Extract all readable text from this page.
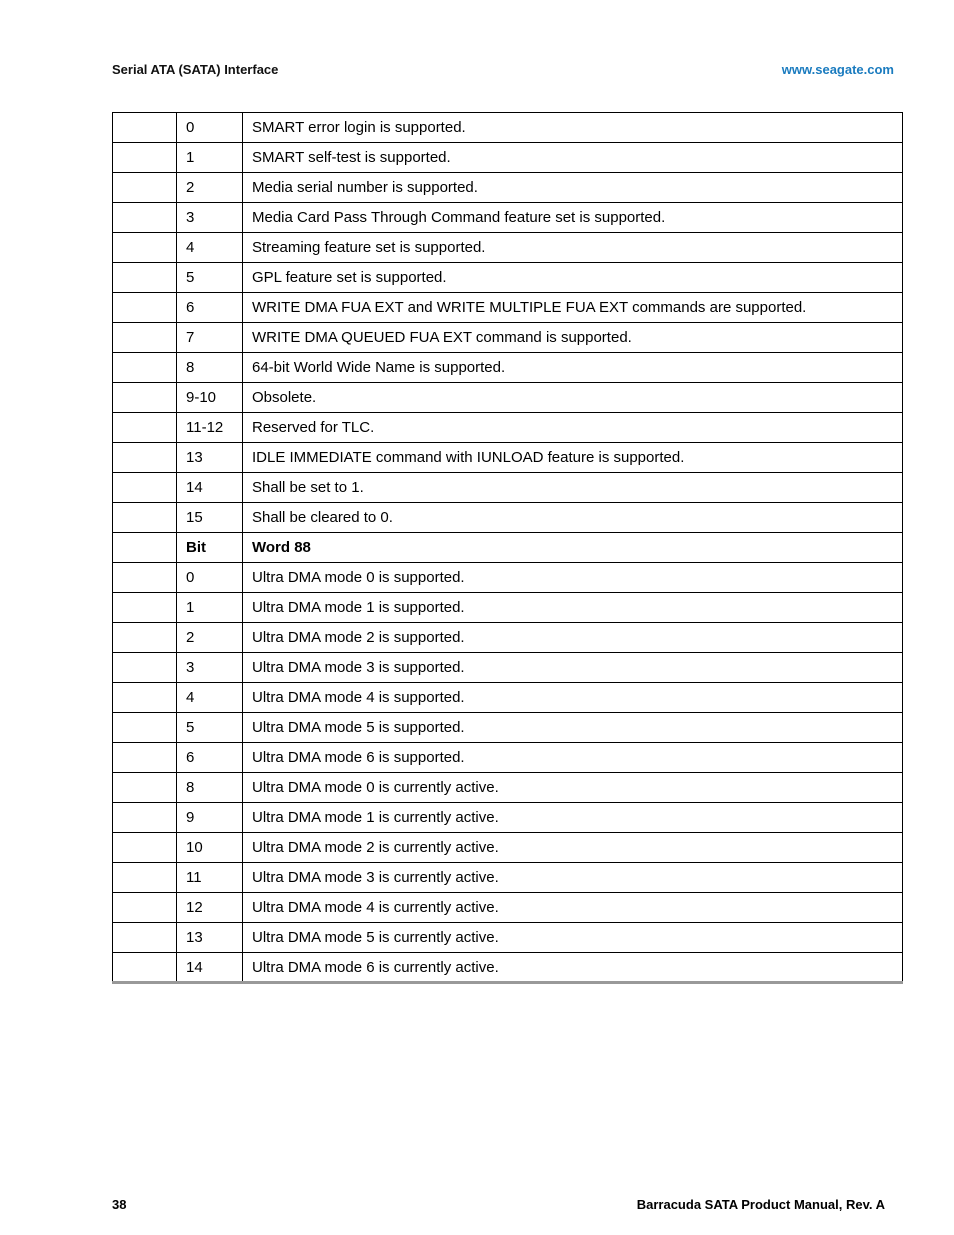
Serial ATA (SATA) Interface	www.seagate.com
	0	SMART error login is supported.
	1	SMART self-test is supported.
	2	Media serial number is supported.
	3	Media Card Pass Through Command feature set is supported.
	4	Streaming feature set is supported.
	5	GPL feature set is supported.
	6	WRITE DMA FUA EXT and WRITE MULTIPLE FUA EXT commands are supported.
	7	WRITE DMA QUEUED FUA EXT command is supported.
	8	64-bit World Wide Name is supported.
	9-10	Obsolete.
	11-12	Reserved for TLC.
	13	IDLE IMMEDIATE command with IUNLOAD feature is supported.
	14	Shall be set to 1.
	15	Shall be cleared to 0.
	Bit	Word 88
	0	Ultra DMA mode 0 is supported.
	1	Ultra DMA mode 1 is supported.
	2	Ultra DMA mode 2 is supported.
	3	Ultra DMA mode 3 is supported.
	4	Ultra DMA mode 4 is supported.
	5	Ultra DMA mode 5 is supported.
	6	Ultra DMA mode 6 is supported.
	8	Ultra DMA mode 0 is currently active.
	9	Ultra DMA mode 1 is currently active.
	10	Ultra DMA mode 2 is currently active.
	11	Ultra DMA mode 3 is currently active.
	12	Ultra DMA mode 4 is currently active.
	13	Ultra DMA mode 5 is currently active.
	14	Ultra DMA mode 6 is currently active.
38	Barracuda SATA Product Manual, Rev. A
